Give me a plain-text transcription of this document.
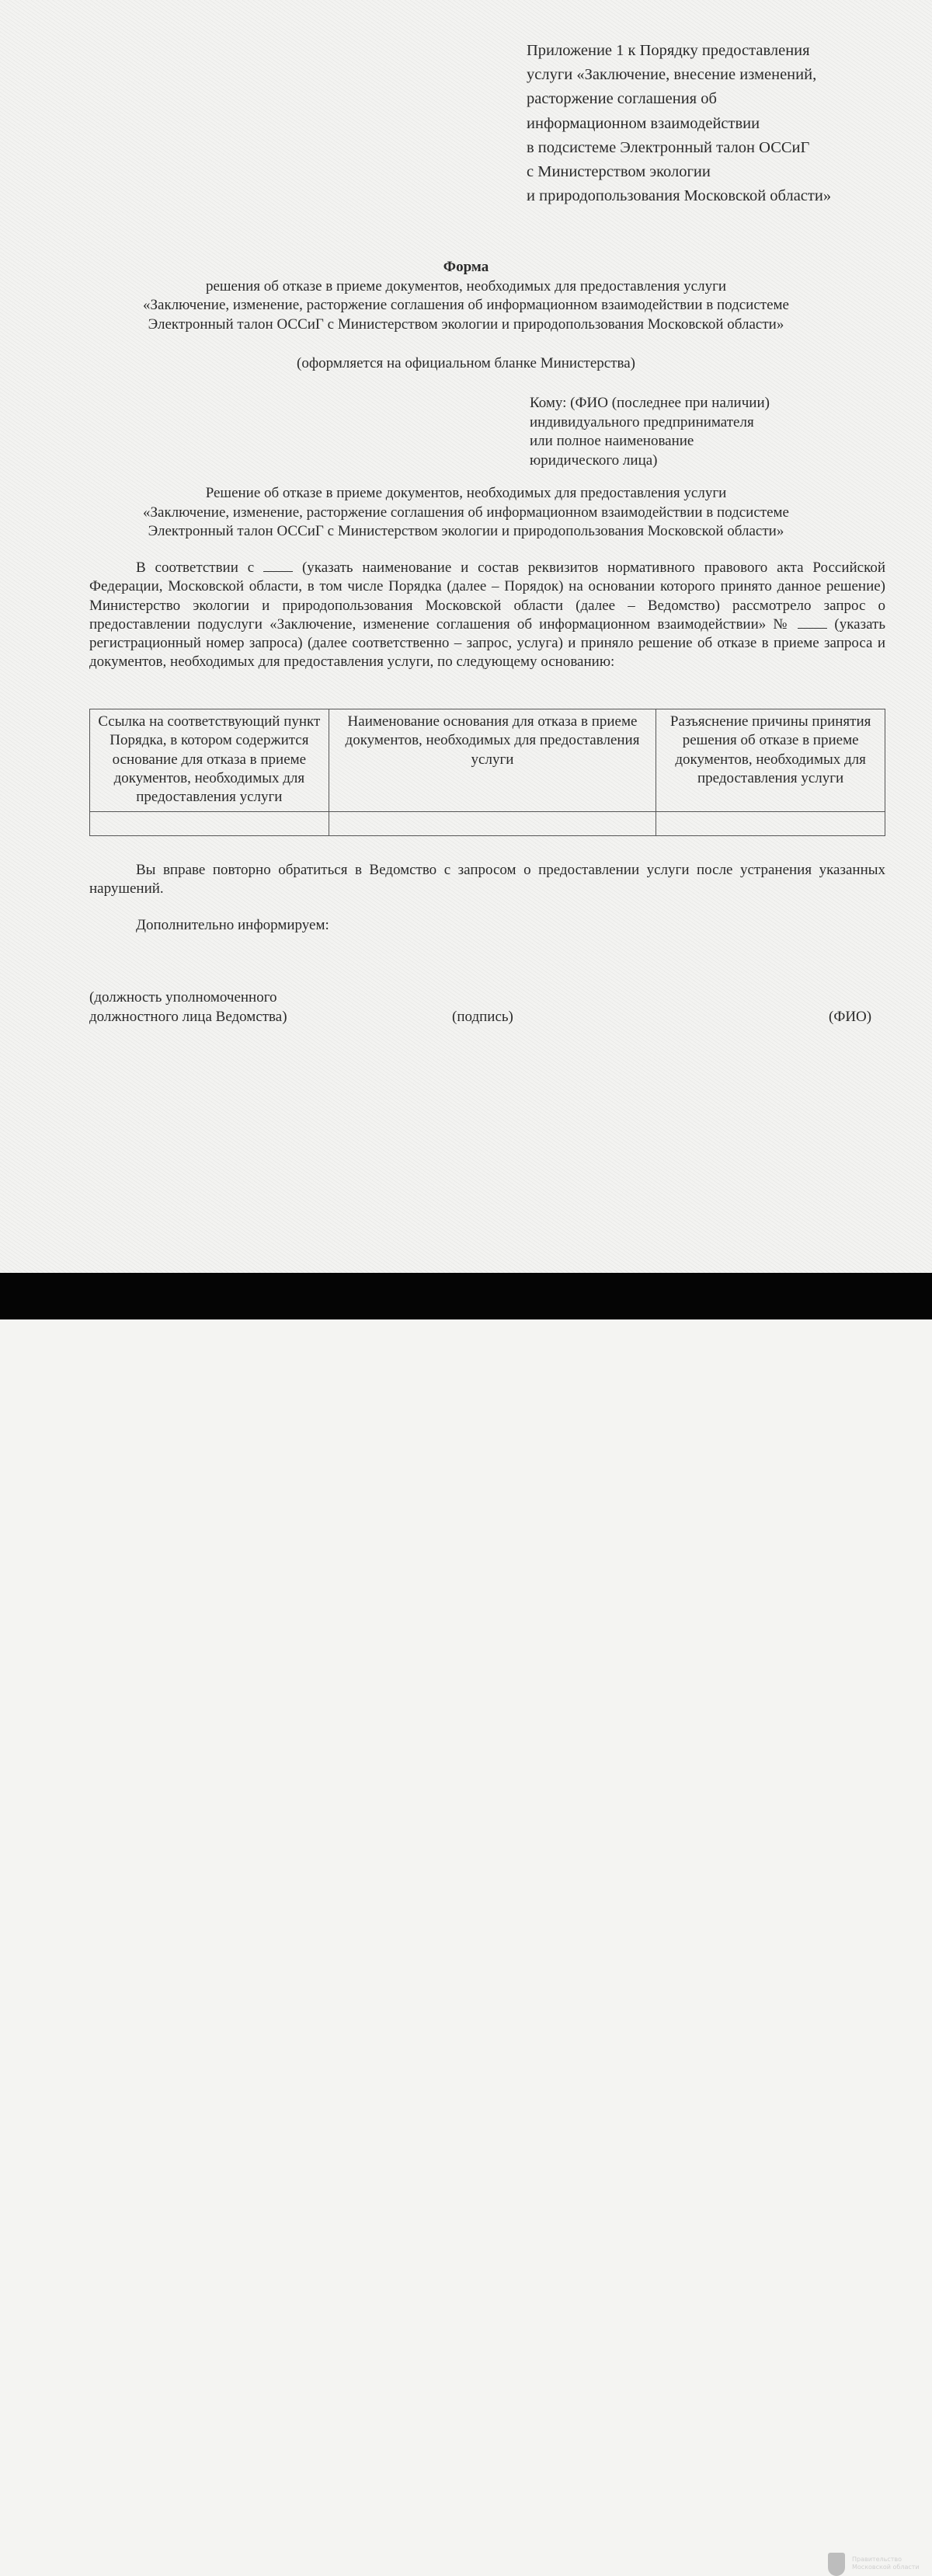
Приложение 1 к Порядку предоставления
услуги «Заключение, внесение изменений,
расторжение соглашения об
информационном взаимодействии
в подсистеме Электронный талон ОССиГ
с Министерством экологии
и природопользования Московской области»
Форма
решения об отказе в приеме документов, необходимых для предоставления услуги
«Заключение, изменение, расторжение соглашения об информационном взаимодействии в подсистеме
Электронный талон ОССиГ с Министерством экологии и природопользования Московской области»
(оформляется на официальном бланке Министерства)
Кому: (ФИО (последнее при наличии)
индивидуального предпринимателя
или полное наименование
юридического лица)
Решение об отказе в приеме документов, необходимых для предоставления услуги
«Заключение, изменение, расторжение соглашения об информационном взаимодействии в подсистеме
Электронный талон ОССиГ с Министерством экологии и природопользования Московской области»
В соответствии с	(указать наименование и состав реквизитов нормативного правового акта Российской Федерации, Московской области, в том числе Порядка (далее – Порядок) на основании которого принято данное решение) Министерство экологии и природопользования Московской области (далее – Ведомство) рассмотрело запрос о предоставлении подуслуги «Заключение, изменение соглашения об информационном взаимодействии» №	(указать регистрационный номер запроса) (далее соответственно – запрос, услуга) и приняло решение об отказе в приеме запроса и документов, необходимых для предоставления услуги, по следующему основанию:
Ссылка на соответствующий пункт Порядка, в котором содержится основание для отказа в приеме документов, необходимых для предоставления услуги	Наименование основания для отказа в приеме документов, необходимых для предоставления услуги	Разъяснение причины принятия решения об отказе в приеме документов, необходимых для предоставления услуги

Вы вправе повторно обратиться в Ведомство с запросом о предоставлении услуги после устранения указанных нарушений.
Дополнительно информируем:
(должность уполномоченного
должностного лица Ведомства)	(подпись)	(ФИО)
Правительство
Московской области
